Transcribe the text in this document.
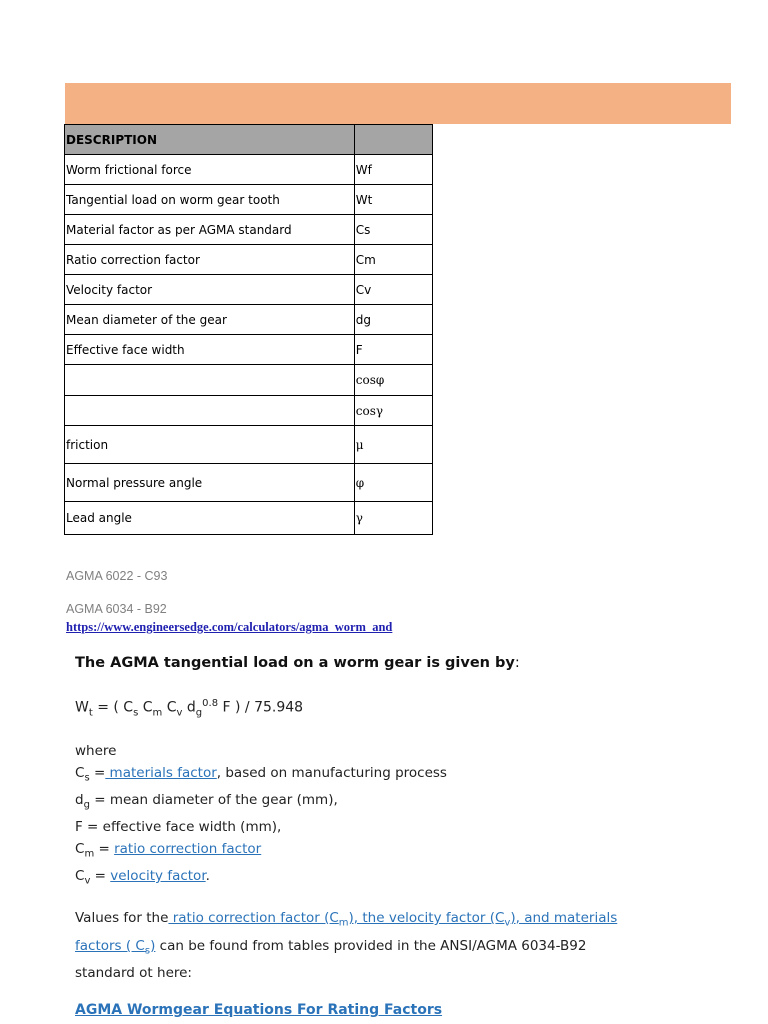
DESCRIPTION	
Worm frictional force	Wf
Tangential load on worm gear tooth	Wt
Material factor as per AGMA standard	Cs
Ratio correction factor	Cm
Velocity factor	Cv
Mean diameter of the gear	dg
Effective face width	F
	cosφ
	cosγ
friction	μ
Normal pressure angle	φ
Lead angle	γ
AGMA 6022 - C93
AGMA 6034 - B92
https://www.engineersedge.com/calculators/agma_worm_and
The AGMA tangential load on a worm gear is given by:
$W_t$ = ( $C_s$ $C_m$ $C_v$ $d_g^{0.8}$ F ) / 75.948
where
$C_s$ = materials factor, based on manufacturing process
$d_g$ = mean diameter of the gear (mm),
F = effective face width (mm),
$C_m$ = ratio correction factor
$C_v$ = velocity factor.
Values for the ratio correction factor $(C_m)$, the velocity factor $(C_v)$, and materials
factors ( $C_s$) can be found from tables provided in the ANSI/AGMA 6034-B92
standard ot here:
AGMA Wormgear Equations For Rating Factors
